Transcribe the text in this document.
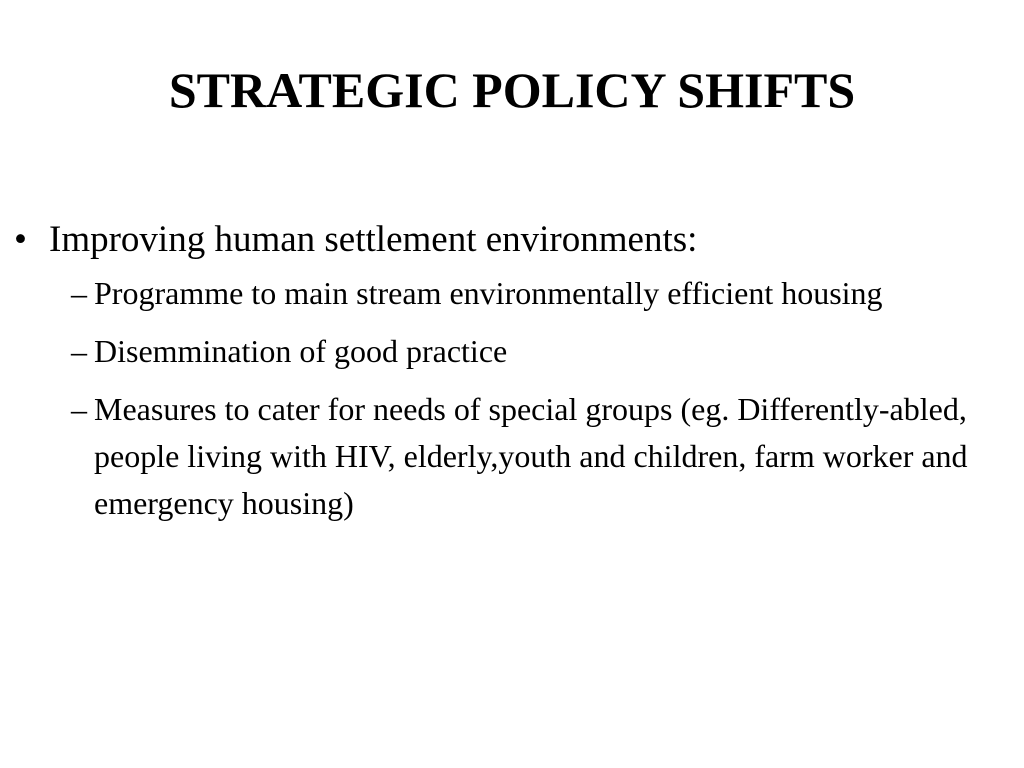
STRATEGIC POLICY SHIFTS
• Improving human settlement environments:
– Programme to main stream environmentally efficient housing
– Disemmination of good practice
– Measures to cater for needs of special groups (eg. Differently-abled, people living with HIV, elderly,youth and children, farm worker and emergency housing)
